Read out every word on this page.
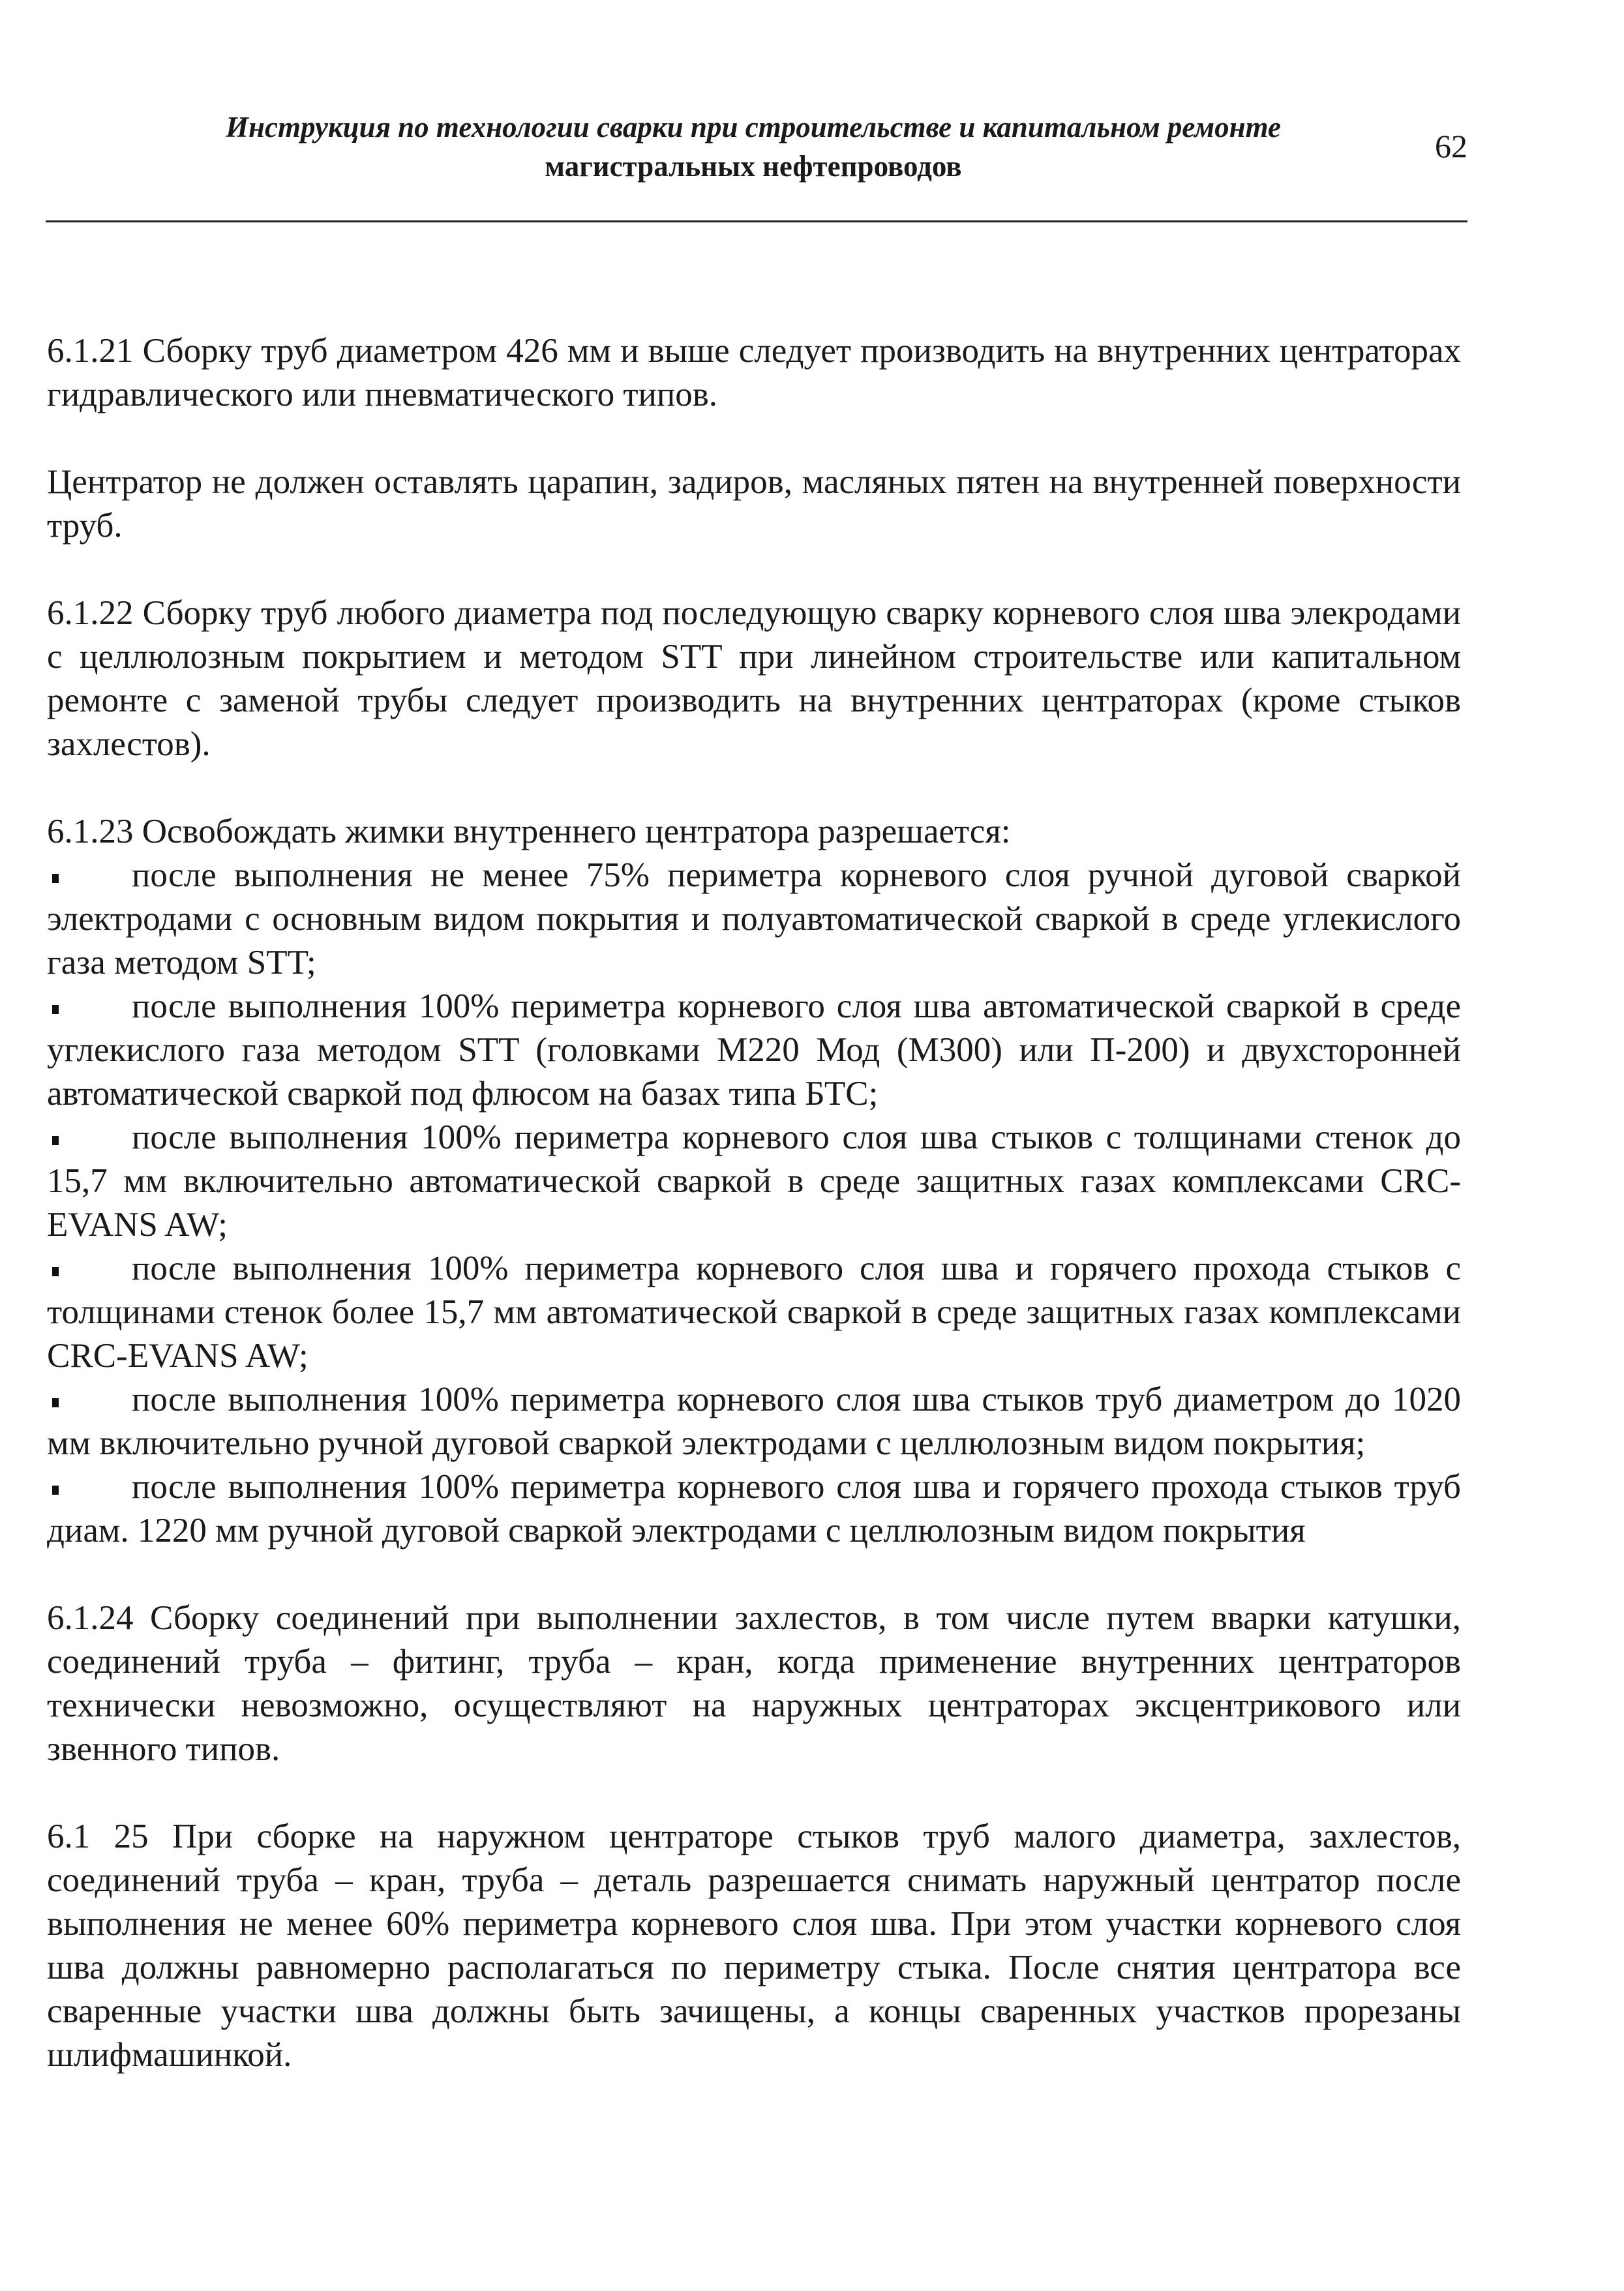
Инструкция по технологии сварки при строительстве и капитальном ремонте
магистральных нефтепроводов
62

6.1.21 Сборку труб диаметром 426 мм и выше следует производить на внутренних центраторах гидравлического или пневматического типов.

Центратор не должен оставлять царапин, задиров, масляных пятен на внутренней поверхности труб.

6.1.22 Сборку труб любого диаметра под последующую сварку корневого слоя шва элекродами с целлюлозным покрытием и методом STT при линейном строительстве или капитальном ремонте с заменой трубы следует производить на внутренних центраторах (кроме стыков захлестов).

6.1.23 Освобождать жимки внутреннего центратора разрешается:

после выполнения не менее 75% периметра корневого слоя ручной дуговой сваркой электродами с основным видом покрытия и полуавтоматической сваркой в среде углекислого газа методом STT;

после выполнения 100% периметра корневого слоя шва автоматической сваркой в среде углекислого газа методом STT (головками М220 Мод (М300) или П-200) и двухсторонней автоматической сваркой под флюсом на базах типа БТС;

после выполнения 100% периметра корневого слоя шва стыков с толщинами стенок до 15,7 мм включительно автоматической сваркой в среде защитных газах комплексами CRC-EVANS AW;

после выполнения 100% периметра корневого слоя шва и горячего прохода стыков с толщинами стенок более 15,7 мм автоматической сваркой в среде защитных газах комплексами CRC-EVANS AW;

после выполнения 100% периметра корневого слоя шва стыков труб диаметром до 1020 мм включительно ручной дуговой сваркой электродами с целлюлозным видом покрытия;

после выполнения 100% периметра корневого слоя шва и горячего прохода стыков труб диам. 1220 мм ручной дуговой сваркой электродами с целлюлозным видом покрытия

6.1.24 Сборку соединений при выполнении захлестов, в том числе путем вварки катушки, соединений труба – фитинг, труба – кран, когда применение внутренних центраторов технически невозможно, осуществляют на наружных центраторах эксцентрикового или звенного типов.

6.1 25 При сборке на наружном центраторе стыков труб малого диаметра, захлестов, соединений труба – кран, труба – деталь разрешается снимать наружный центратор после выполнения не менее 60% периметра корневого слоя шва. При этом участки корневого слоя шва должны равномерно располагаться по периметру стыка. После снятия центратора все сваренные участки шва должны быть зачищены, а концы сваренных участков прорезаны шлифмашинкой.
